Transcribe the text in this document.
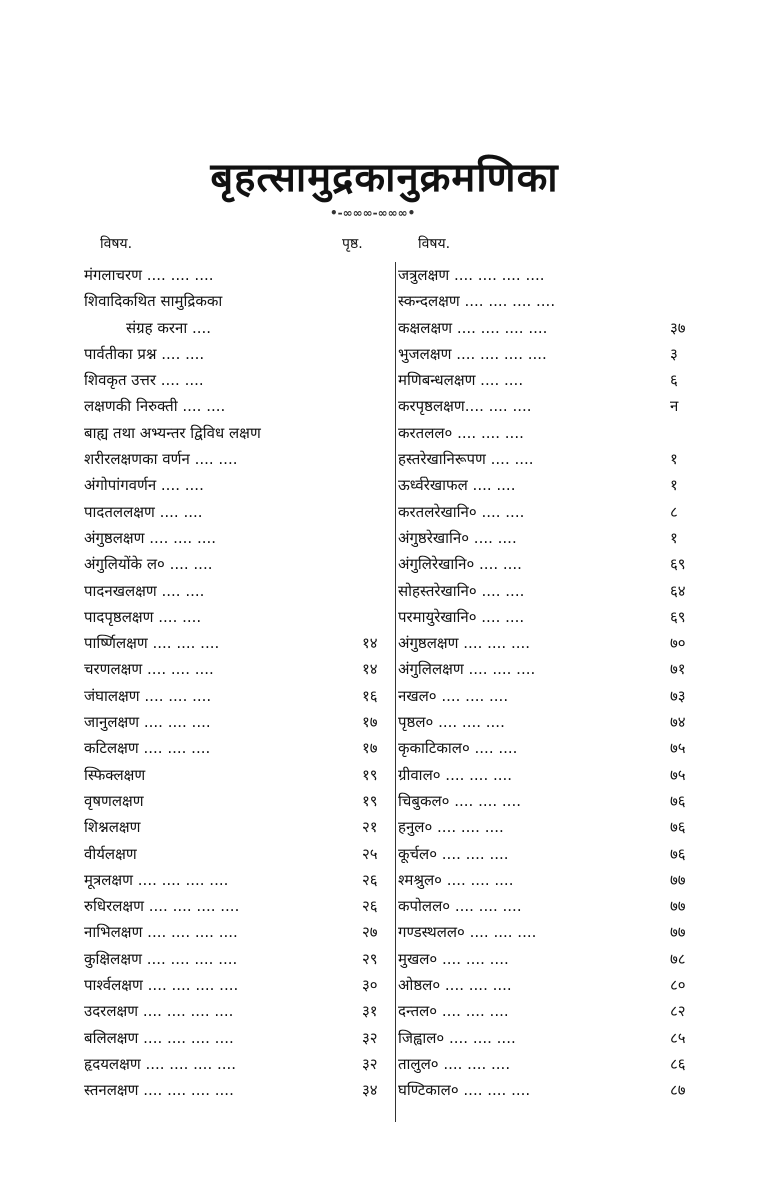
बृहत्सामुद्रकानुक्रमणिका
•-∞∞∞-∞∞∞•
विषय.	पृष्ठ.	विषय.
मंगलाचरण .... .... ....
शिवादिकथित सामुद्रिकका
संग्रह करना ....
पार्वतीका प्रश्न .... ....
शिवकृत उत्तर .... ....
लक्षणकी निरुक्ती .... ....
बाह्य तथा अभ्यन्तर द्विविध लक्षण
शरीरलक्षणका वर्णन .... ....
अंगोपांगवर्णन .... ....
पादतललक्षण .... ....
अंगुष्ठलक्षण .... .... ....
अंगुलियोंके ल० .... ....
पादनखलक्षण .... ....
पादपृष्ठलक्षण .... ....
पार्ष्णिलक्षण .... .... ....	१४
चरणलक्षण .... .... ....	१४
जंघालक्षण .... .... ....	१६
जानुलक्षण .... .... ....	१७
कटिलक्षण .... .... ....	१७
स्फिक्लक्षण	१९
वृषणलक्षण	१९
शिश्नलक्षण	२१
वीर्यलक्षण	२५
मूत्रलक्षण .... .... .... ....	२६
रुधिरलक्षण .... .... .... ....	२६
नाभिलक्षण .... .... .... ....	२७
कुक्षिलक्षण .... .... .... ....	२९
पार्श्वलक्षण .... .... .... ....	३०
उदरलक्षण .... .... .... ....	३१
बलिलक्षण .... .... .... ....	३२
हृदयलक्षण .... .... .... ....	३२
स्तनलक्षण .... .... .... ....	३४
जत्रुलक्षण .... .... .... ....
स्कन्दलक्षण .... .... .... ....
कक्षलक्षण .... .... .... ....	३७
भुजलक्षण .... .... .... ....	३
मणिबन्धलक्षण .... ....	६
करपृष्ठलक्षण.... .... ....	न
करतलल० .... .... ....
हस्तरेखानिरूपण .... ....	१
ऊर्ध्वरेखाफल .... ....	१
करतलरेखानि० .... ....	८
अंगुष्ठरेखानि० .... ....	१
अंगुलिरेखानि० .... ....	६९
सोहस्तरेखानि० .... ....	६४
परमायुरेखानि० .... ....	६९
अंगुष्ठलक्षण .... .... ....	७०
अंगुलिलक्षण .... .... ....	७१
नखल० .... .... ....	७३
पृष्ठल० .... .... ....	७४
कृकाटिकाल० .... ....	७५
ग्रीवाल० .... .... ....	७५
चिबुकल० .... .... ....	७६
हनुल० .... .... ....	७६
कूर्चल० .... .... ....	७६
श्मश्रुल० .... .... ....	७७
कपोलल० .... .... ....	७७
गण्डस्थलल० .... .... ....	७७
मुखल० .... .... ....	७८
ओष्ठल० .... .... ....	८०
दन्तल० .... .... ....	८२
जिह्वाल० .... .... ....	८५
तालुल० .... .... ....	८६
घण्टिकाल० .... .... ....	८७
